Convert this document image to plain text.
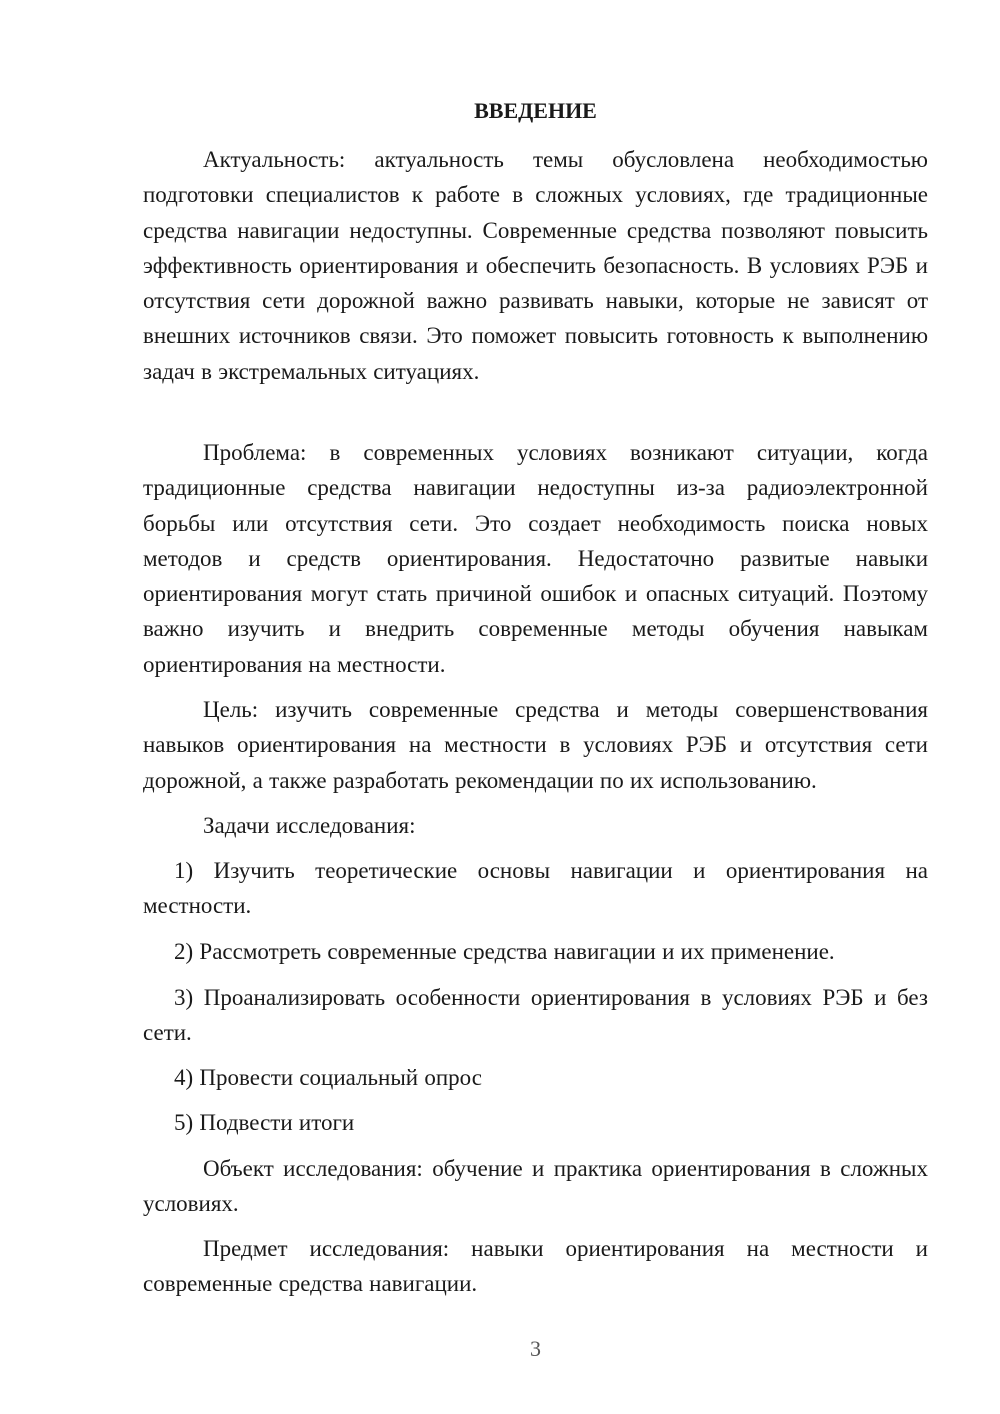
ВВЕДЕНИЕ

Актуальность: актуальность темы обусловлена необходимостью подготовки специалистов к работе в сложных условиях, где традиционные средства навигации недоступны. Современные средства позволяют повысить эффективность ориентирования и обеспечить безопасность. В условиях РЭБ и отсутствия сети дорожной важно развивать навыки, которые не зависят от внешних источников связи. Это поможет повысить готовность к выполнению задач в экстремальных ситуациях.

Проблема: в современных условиях возникают ситуации, когда традиционные средства навигации недоступны из-за радиоэлектронной борьбы или отсутствия сети. Это создает необходимость поиска новых методов и средств ориентирования. Недостаточно развитые навыки ориентирования могут стать причиной ошибок и опасных ситуаций. Поэтому важно изучить и внедрить современные методы обучения навыкам ориентирования на местности.

Цель: изучить современные средства и методы совершенствования навыков ориентирования на местности в условиях РЭБ и отсутствия сети дорожной, а также разработать рекомендации по их использованию.

Задачи исследования:

1) Изучить теоретические основы навигации и ориентирования на местности.

2) Рассмотреть современные средства навигации и их применение.

3) Проанализировать особенности ориентирования в условиях РЭБ и без сети.

4) Провести социальный опрос

5) Подвести итоги

Объект исследования: обучение и практика ориентирования в сложных условиях.

Предмет исследования: навыки ориентирования на местности и современные средства навигации.

3
